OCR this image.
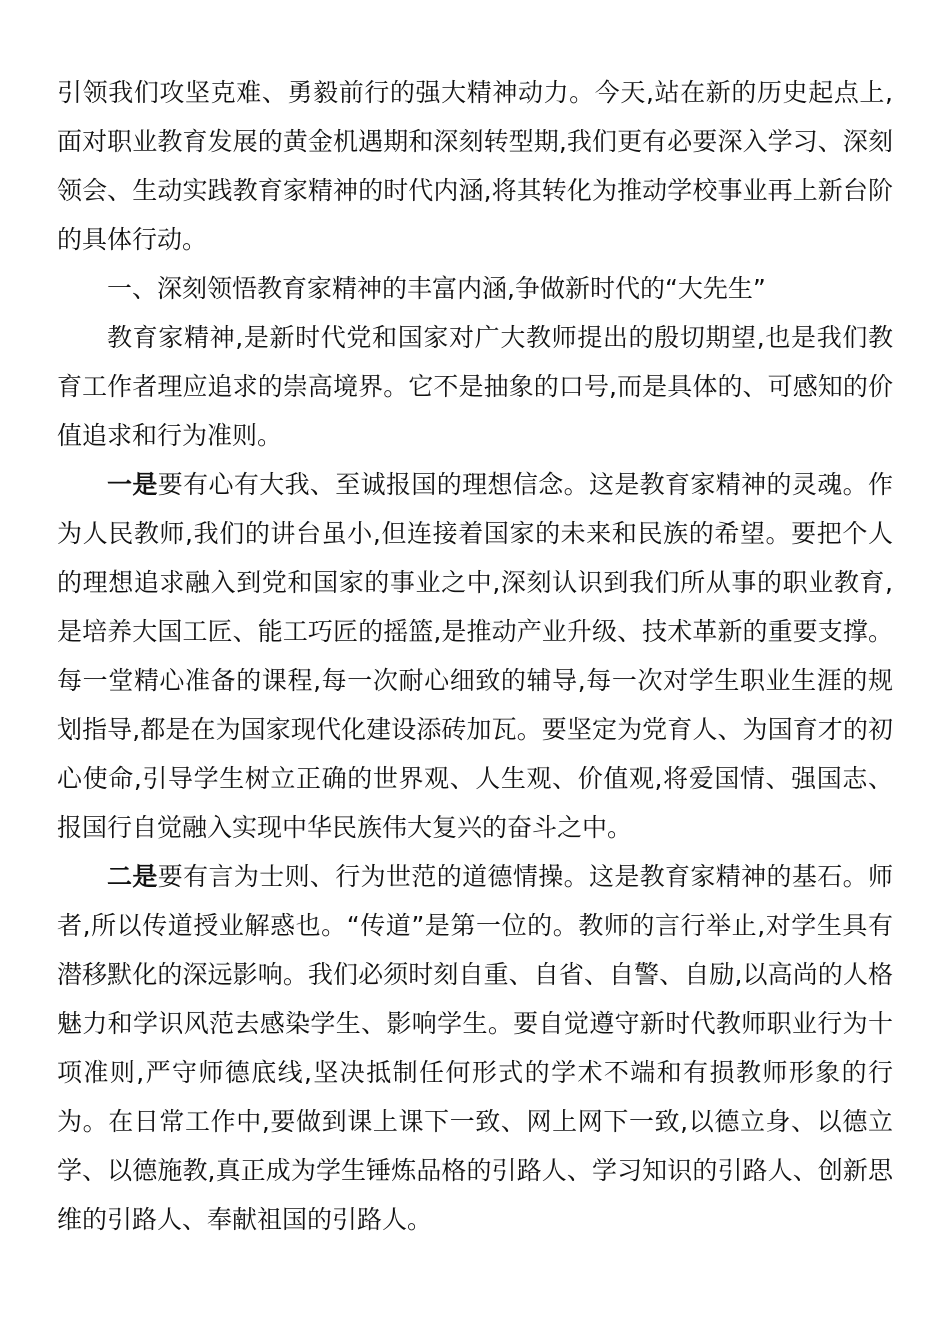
引领我们攻坚克难、勇毅前行的强大精神动力。今天,站在新的历史起点上,面对职业教育发展的黄金机遇期和深刻转型期,我们更有必要深入学习、深刻领会、生动实践教育家精神的时代内涵,将其转化为推动学校事业再上新台阶的具体行动。

一、深刻领悟教育家精神的丰富内涵,争做新时代的“大先生”

教育家精神,是新时代党和国家对广大教师提出的殷切期望,也是我们教育工作者理应追求的崇高境界。它不是抽象的口号,而是具体的、可感知的价值追求和行为准则。

一是要有心有大我、至诚报国的理想信念。这是教育家精神的灵魂。作为人民教师,我们的讲台虽小,但连接着国家的未来和民族的希望。要把个人的理想追求融入到党和国家的事业之中,深刻认识到我们所从事的职业教育,是培养大国工匠、能工巧匠的摇篮,是推动产业升级、技术革新的重要支撑。每一堂精心准备的课程,每一次耐心细致的辅导,每一次对学生职业生涯的规划指导,都是在为国家现代化建设添砖加瓦。要坚定为党育人、为国育才的初心使命,引导学生树立正确的世界观、人生观、价值观,将爱国情、强国志、报国行自觉融入实现中华民族伟大复兴的奋斗之中。

二是要有言为士则、行为世范的道德情操。这是教育家精神的基石。师者,所以传道授业解惑也。“传道”是第一位的。教师的言行举止,对学生具有潜移默化的深远影响。我们必须时刻自重、自省、自警、自励,以高尚的人格魅力和学识风范去感染学生、影响学生。要自觉遵守新时代教师职业行为十项准则,严守师德底线,坚决抵制任何形式的学术不端和有损教师形象的行为。在日常工作中,要做到课上课下一致、网上网下一致,以德立身、以德立学、以德施教,真正成为学生锤炼品格的引路人、学习知识的引路人、创新思维的引路人、奉献祖国的引路人。
